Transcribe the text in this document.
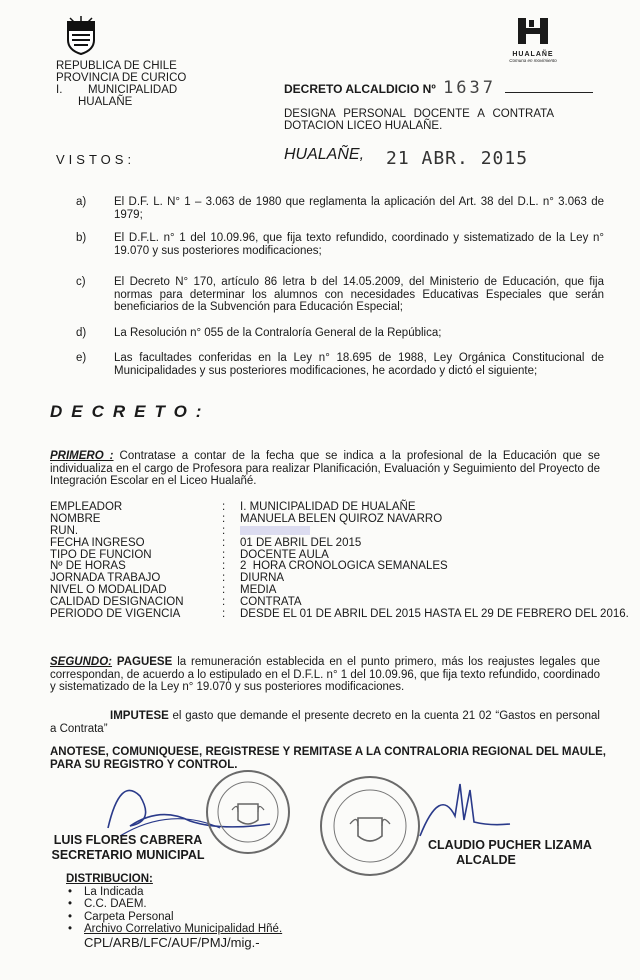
HUALAÑE
Comuna en movimiento
REPUBLICA DE CHILE
PROVINCIA DE CURICO
I.        MUNICIPALIDAD
HUALAÑE
DECRETO ALCALDICIO Nº 1637
DESIGNA PERSONAL DOCENTE A CONTRATA DOTACION LICEO HUALAÑE.
HUALAÑE, 21 ABR. 2015
VISTOS:
a) El D.F. L. N° 1 – 3.063 de 1980 que reglamenta la aplicación del Art. 38 del D.L. n° 3.063 de 1979;
b) El D.F.L. n° 1 del 10.09.96, que fija texto refundido, coordinado y sistematizado de la Ley n° 19.070 y sus posteriores modificaciones;
c) El Decreto N° 170, artículo 86 letra b del 14.05.2009, del Ministerio de Educación, que fija normas para determinar los alumnos con necesidades Educativas Especiales que serán beneficiarios de la Subvención para Educación Especial;
d) La Resolución n° 055 de la Contraloría General de la República;
e) Las facultades conferidas en la Ley n° 18.695 de 1988, Ley Orgánica Constitucional de Municipalidades y sus posteriores modificaciones, he acordado y dictó el siguiente;
DECRETO:
PRIMERO : Contratase a contar de la fecha que se indica a la profesional de la Educación que se individualiza en el cargo de Profesora para realizar Planificación, Evaluación y Seguimiento del Proyecto de Integración Escolar en el Liceo Hualañé.
EMPLEADOR	: I. MUNICIPALIDAD DE HUALAÑE
NOMBRE	: MANUELA BELEN QUIROZ NAVARRO
RUN.	:
FECHA INGRESO	: 01 DE ABRIL DEL 2015
TIPO DE FUNCION	: DOCENTE AULA
Nº DE HORAS	: 2  HORA CRONOLOGICA SEMANALES
JORNADA TRABAJO	: DIURNA
NIVEL O MODALIDAD	: MEDIA
CALIDAD DESIGNACION	: CONTRATA
PERIODO DE VIGENCIA	: DESDE EL 01 DE ABRIL DEL 2015 HASTA EL 29 DE FEBRERO DEL 2016.
SEGUNDO: PAGUESE la remuneración establecida en el punto primero, más los reajustes legales que correspondan, de acuerdo a lo estipulado en el D.F.L. n° 1 del 10.09.96, que fija texto refundido, coordinado y sistematizado de la Ley n° 19.070 y sus posteriores modificaciones.
IMPUTESE el gasto que demande el presente decreto en la cuenta 21 02 “Gastos en personal a Contrata”
ANOTESE, COMUNIQUESE, REGISTRESE Y REMITASE A LA CONTRALORIA REGIONAL DEL MAULE, PARA SU REGISTRO Y CONTROL.
LUIS FLORES CABRERA
SECRETARIO MUNICIPAL
CLAUDIO PUCHER LIZAMA
ALCALDE
DISTRIBUCION:
• La Indicada
• C.C. DAEM.
• Carpeta Personal
• Archivo Correlativo Municipalidad Hñé.
CPL/ARB/LFC/AUF/PMJ/mig.-
